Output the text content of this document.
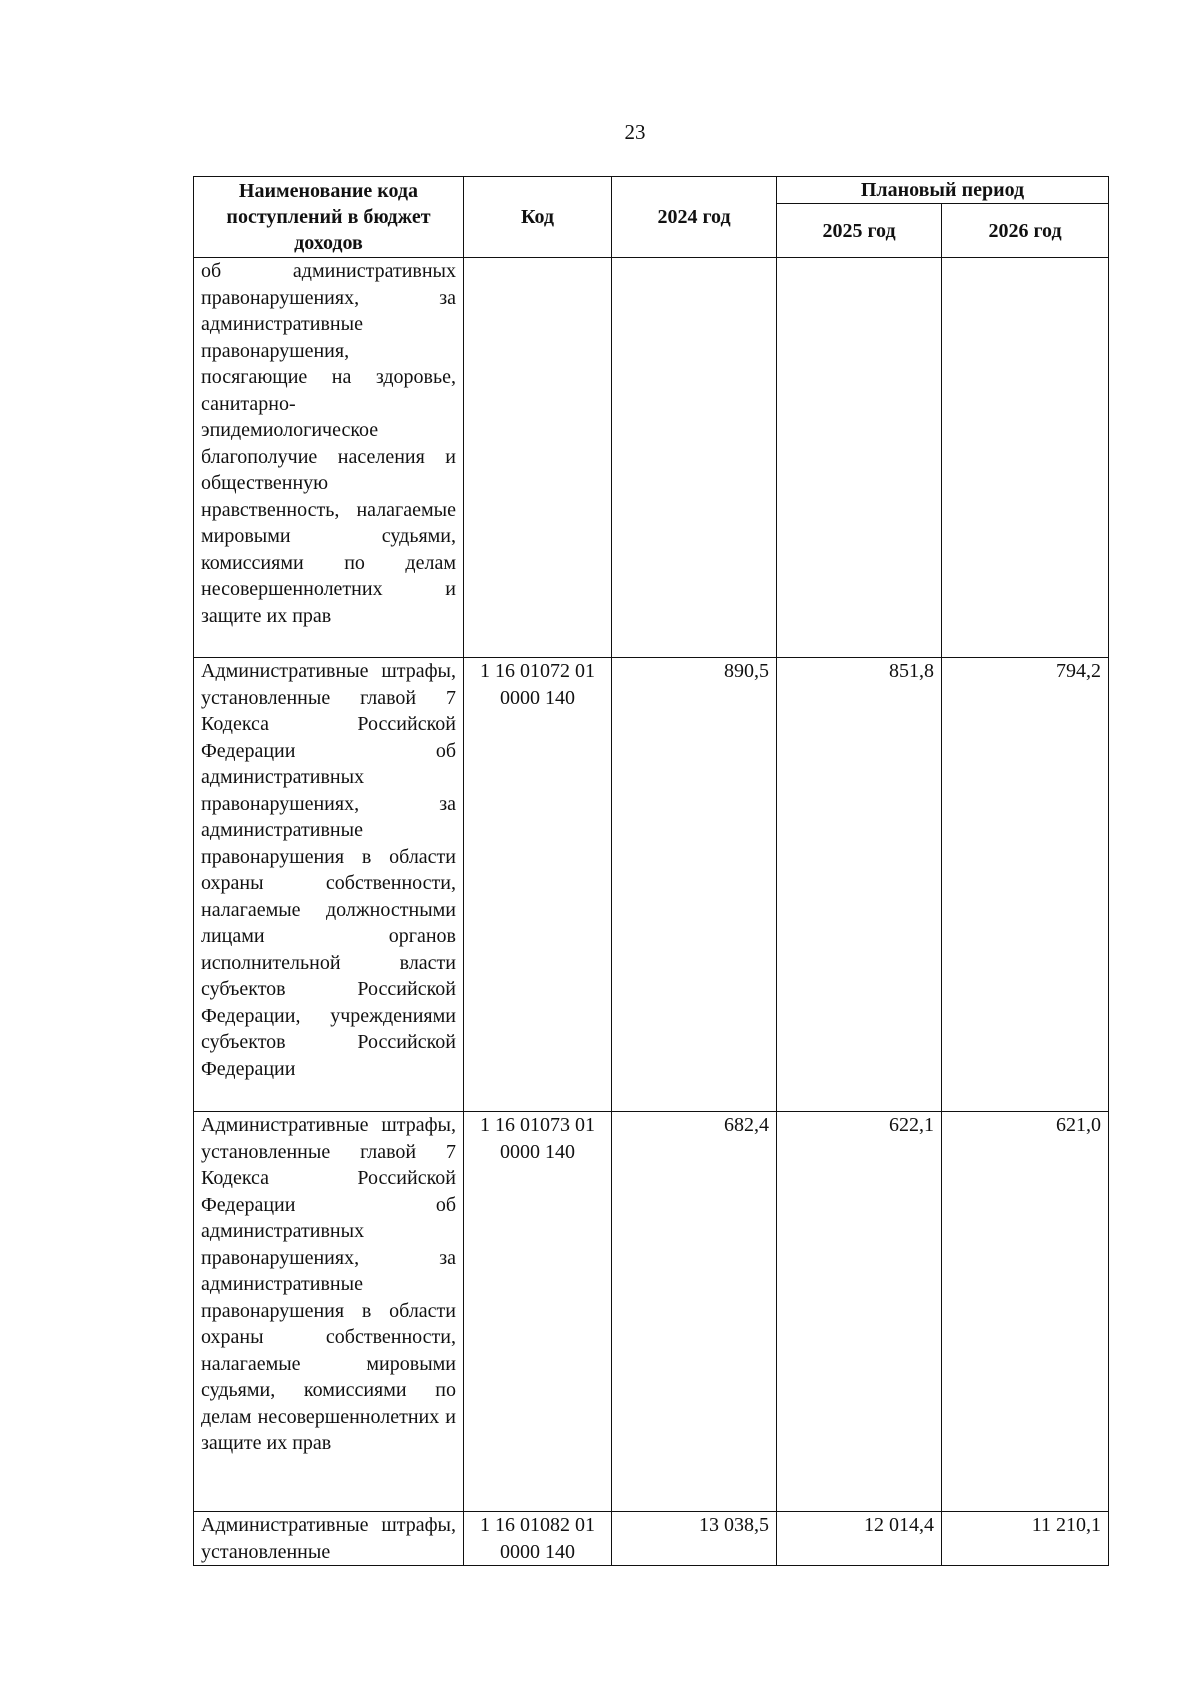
23
Наименование кода поступлений в бюджет доходов	Код	2024 год	Плановый период	
			2025 год	2026 год
об административных правонарушениях, за административные правонарушения, посягающие на здоровье, санитарно-эпидемиологическое благополучие населения и общественную нравственность, налагаемые мировыми судьями, комиссиями по делам несовершеннолетних и защите их прав				
Административные штрафы, установленные главой 7 Кодекса Российской Федерации об административных правонарушениях, за административные правонарушения в области охраны собственности, налагаемые должностными лицами органов исполнительной власти субъектов Российской Федерации, учреждениями субъектов Российской Федерации	1 16 01072 01 0000 140	890,5	851,8	794,2
Административные штрафы, установленные главой 7 Кодекса Российской Федерации об административных правонарушениях, за административные правонарушения в области охраны собственности, налагаемые мировыми судьями, комиссиями по делам несовершеннолетних и защите их прав	1 16 01073 01 0000 140	682,4	622,1	621,0
Административные штрафы, установленные	1 16 01082 01 0000 140	13 038,5	12 014,4	11 210,1
